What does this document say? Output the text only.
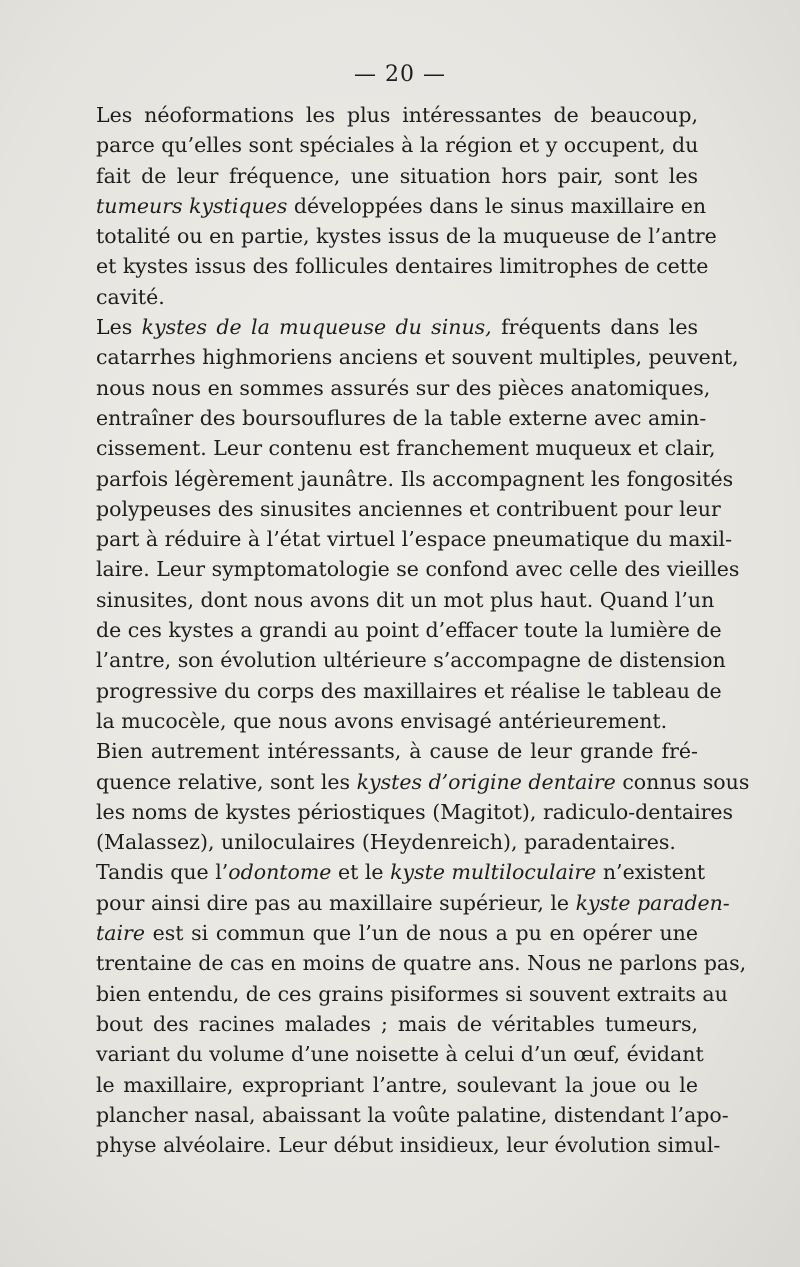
— 20 —
Les néoformations les plus intéressantes de beaucoup,
parce qu’elles sont spéciales à la région et y occupent, du
fait de leur fréquence, une situation hors pair, sont les
tumeurs kystiques développées dans le sinus maxillaire en
totalité ou en partie, kystes issus de la muqueuse de l’antre
et kystes issus des follicules dentaires limitrophes de cette
cavité.
Les kystes de la muqueuse du sinus, fréquents dans les
catarrhes highmoriens anciens et souvent multiples, peuvent,
nous nous en sommes assurés sur des pièces anatomiques,
entraîner des boursouflures de la table externe avec amin-
cissement. Leur contenu est franchement muqueux et clair,
parfois légèrement jaunâtre. Ils accompagnent les fongosités
polypeuses des sinusites anciennes et contribuent pour leur
part à réduire à l’état virtuel l’espace pneumatique du maxil-
laire. Leur symptomatologie se confond avec celle des vieilles
sinusites, dont nous avons dit un mot plus haut. Quand l’un
de ces kystes a grandi au point d’effacer toute la lumière de
l’antre, son évolution ultérieure s’accompagne de distension
progressive du corps des maxillaires et réalise le tableau de
la mucocèle, que nous avons envisagé antérieurement.
Bien autrement intéressants, à cause de leur grande fré-
quence relative, sont les kystes d’origine dentaire connus sous
les noms de kystes périostiques (Magitot), radiculo-dentaires
(Malassez), uniloculaires (Heydenreich), paradentaires.
Tandis que l’odontome et le kyste multiloculaire n’existent
pour ainsi dire pas au maxillaire supérieur, le kyste paraden-
taire est si commun que l’un de nous a pu en opérer une
trentaine de cas en moins de quatre ans. Nous ne parlons pas,
bien entendu, de ces grains pisiformes si souvent extraits au
bout des racines malades ; mais de véritables tumeurs,
variant du volume d’une noisette à celui d’un œuf, évidant
le maxillaire, expropriant l’antre, soulevant la joue ou le
plancher nasal, abaissant la voûte palatine, distendant l’apo-
physe alvéolaire. Leur début insidieux, leur évolution simul-
